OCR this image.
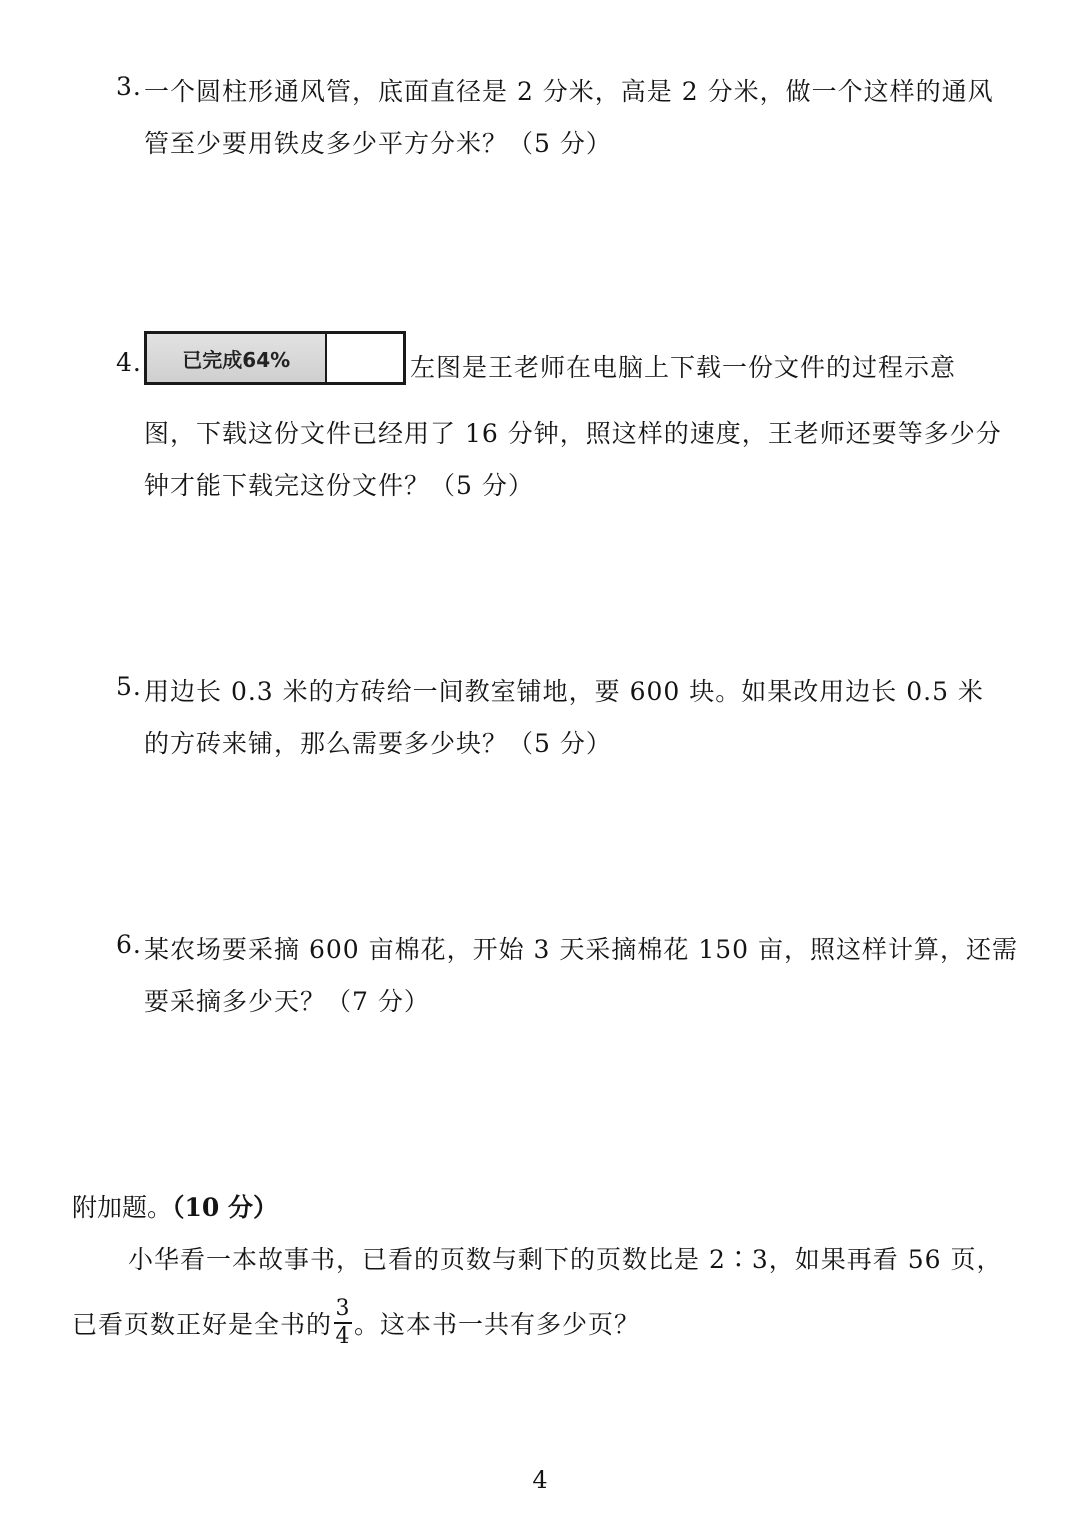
3. 一个圆柱形通风管，底面直径是 2 分米，高是 2 分米，做一个这样的通风
管至少要用铁皮多少平方分米？（5 分）
4. 已完成64%	左图是王老师在电脑上下载一份文件的过程示意
图，下载这份文件已经用了 16 分钟，照这样的速度，王老师还要等多少分
钟才能下载完这份文件？（5 分）
5. 用边长 0.3 米的方砖给一间教室铺地，要 600 块。如果改用边长 0.5 米
的方砖来铺，那么需要多少块？（5 分）
6. 某农场要采摘 600 亩棉花，开始 3 天采摘棉花 150 亩，照这样计算，还需
要采摘多少天？（7 分）
附加题。（10 分）
小华看一本故事书，已看的页数与剩下的页数比是 2∶3，如果再看 56 页，
已看页数正好是全书的 $\frac{3}{4}$ 。这本书一共有多少页？
4
